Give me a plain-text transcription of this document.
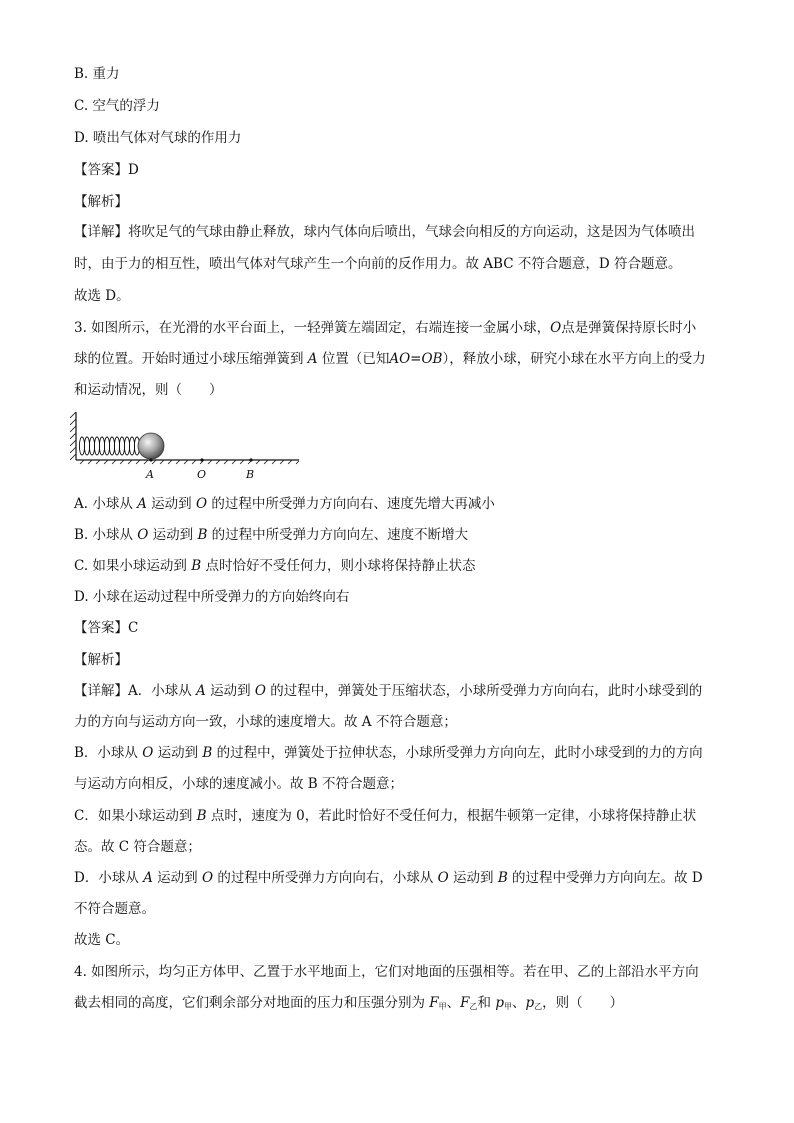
B. 重力
C. 空气的浮力
D. 喷出气体对气球的作用力
【答案】D
【解析】
【详解】将吹足气的气球由静止释放，球内气体向后喷出，气球会向相反的方向运动，这是因为气体喷出
时，由于力的相互性，喷出气体对气球产生一个向前的反作用力。故 ABC 不符合题意，D 符合题意。
故选 D。
3. 如图所示，在光滑的水平台面上，一轻弹簧左端固定，右端连接一金属小球，O点是弹簧保持原长时小
球的位置。开始时通过小球压缩弹簧到 A 位置（已知AO=OB），释放小球，研究小球在水平方向上的受力
和运动情况，则（　　）
A	O	B
A. 小球从 A 运动到 O 的过程中所受弹力方向向右、速度先增大再减小
B. 小球从 O 运动到 B 的过程中所受弹力方向向左、速度不断增大
C. 如果小球运动到 B 点时恰好不受任何力，则小球将保持静止状态
D. 小球在运动过程中所受弹力的方向始终向右
【答案】C
【解析】
【详解】A．小球从 A 运动到 O 的过程中，弹簧处于压缩状态，小球所受弹力方向向右，此时小球受到的
力的方向与运动方向一致，小球的速度增大。故 A 不符合题意；
B．小球从 O 运动到 B 的过程中，弹簧处于拉伸状态，小球所受弹力方向向左，此时小球受到的力的方向
与运动方向相反，小球的速度减小。故 B 不符合题意；
C．如果小球运动到 B 点时，速度为 0，若此时恰好不受任何力，根据牛顿第一定律，小球将保持静止状
态。故 C 符合题意；
D．小球从 A 运动到 O 的过程中所受弹力方向向右，小球从 O 运动到 B 的过程中受弹力方向向左。故 D
不符合题意。
故选 C。
4. 如图所示，均匀正方体甲、乙置于水平地面上，它们对地面的压强相等。若在甲、乙的上部沿水平方向
截去相同的高度，它们剩余部分对地面的压力和压强分别为 $F_甲$、$F_乙$和 $p_甲$、$p_乙$，则（　　）
